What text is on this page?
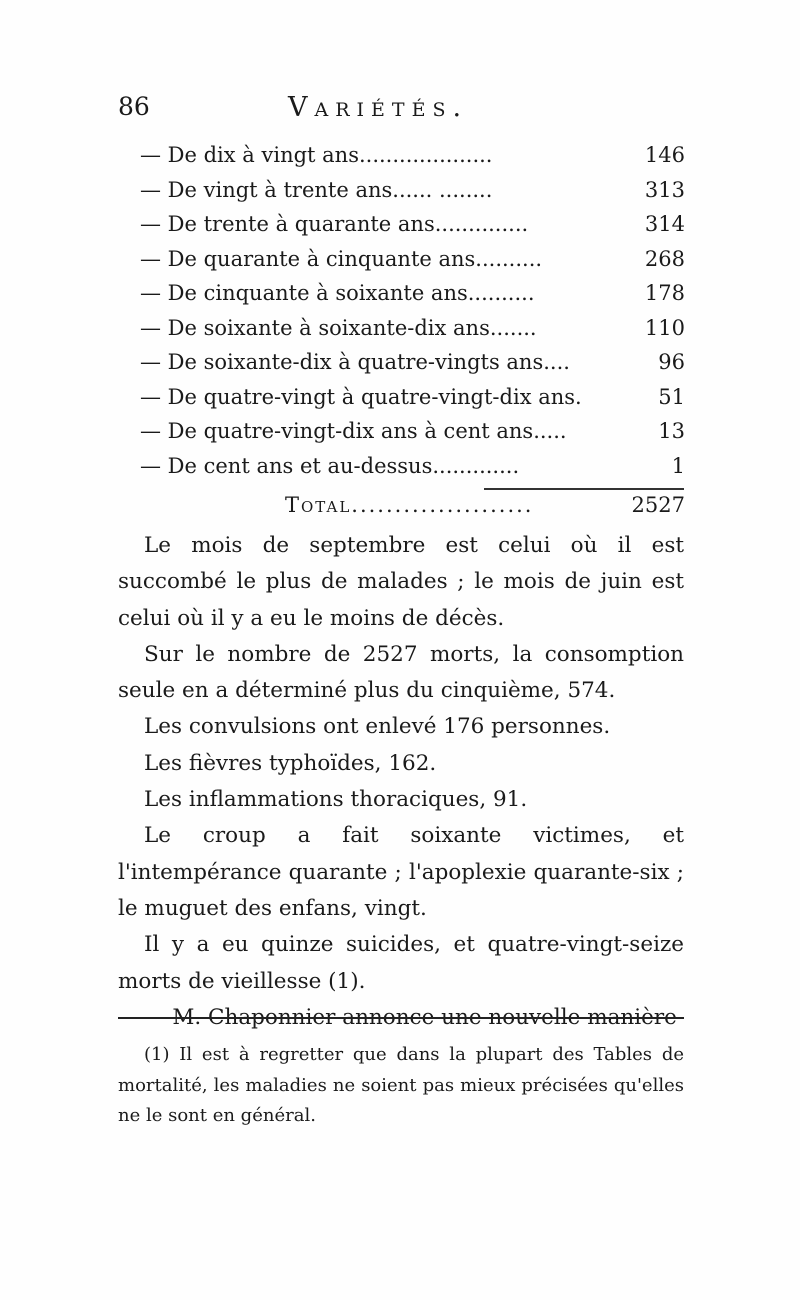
86	Variétés.
— De dix à vingt ans....................	146
— De vingt à trente ans...... ........	313
— De trente à quarante ans..............	314
— De quarante à cinquante ans..........	268
— De cinquante à soixante ans..........	178
— De soixante à soixante-dix ans.......	110
— De soixante-dix à quatre-vingts ans....	96
— De quatre-vingt à quatre-vingt-dix ans.	51
— De quatre-vingt-dix ans à cent ans.....	13
— De cent ans et au-dessus.............	1
Total.....................	2527

Le mois de septembre est celui où il est succombé le plus de malades ; le mois de juin est celui où il y a eu le moins de décès.

Sur le nombre de 2527 morts, la consomption seule en a déterminé plus du cinquième, 574.

Les convulsions ont enlevé 176 personnes.

Les fièvres typhoïdes, 162.

Les inflammations thoraciques, 91.

Le croup a fait soixante victimes, et l'intempérance quarante ; l'apoplexie quarante-six ; le muguet des enfans, vingt.

Il y a eu quinze suicides, et quatre-vingt-seize morts de vieillesse (1).

— M. Chaponnier annonce une nouvelle manière

(1) Il est à regretter que dans la plupart des Tables de mortalité, les maladies ne soient pas mieux précisées qu'elles ne le sont en général.
